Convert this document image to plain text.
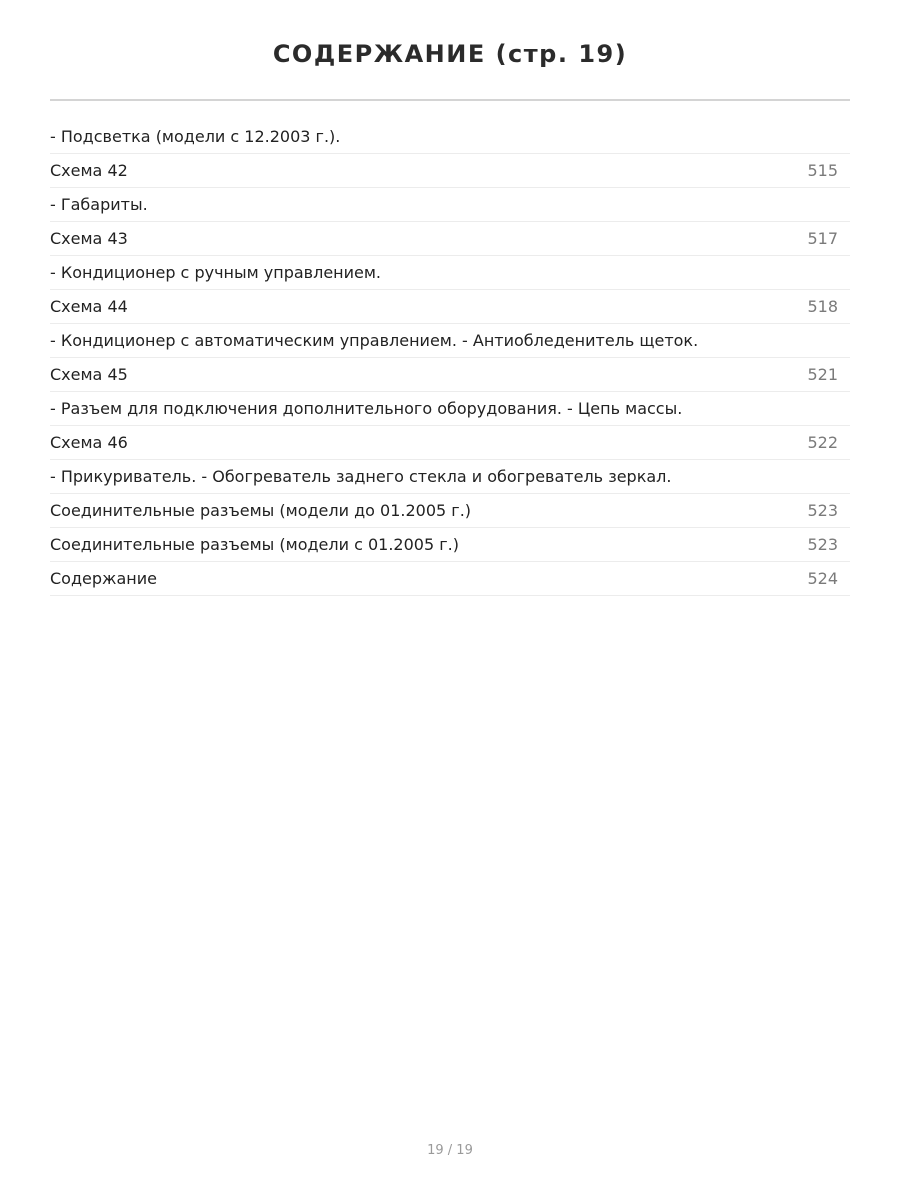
СОДЕРЖАНИЕ (стр. 19)
- Подсветка (модели с 12.2003 г.).
Схема 42	515
- Габариты.
Схема 43	517
- Кондиционер с ручным управлением.
Схема 44	518
- Кондиционер с автоматическим управлением. - Антиобледенитель щеток.
Схема 45	521
- Разъем для подключения дополнительного оборудования. - Цепь массы.
Схема 46	522
- Прикуриватель. - Обогреватель заднего стекла и обогреватель зеркал.
Соединительные разъемы (модели до 01.2005 г.)	523
Соединительные разъемы (модели с 01.2005 г.)	523
Содержание	524
19 / 19
